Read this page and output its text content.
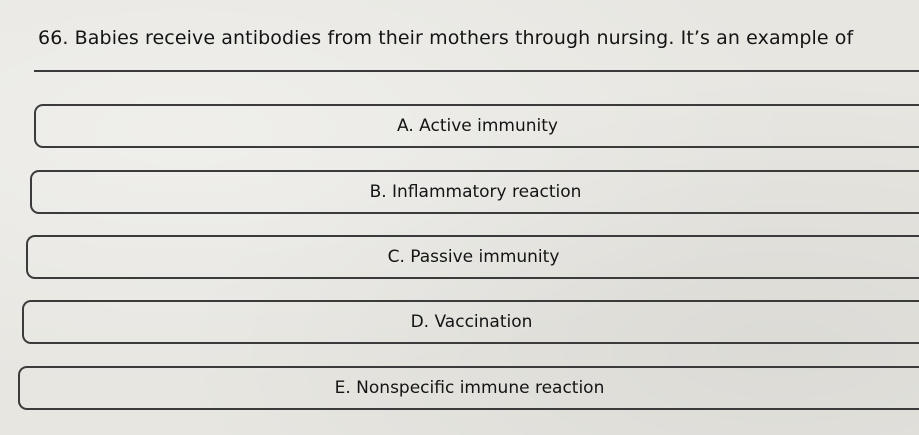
66. Babies receive antibodies from their mothers through nursing. It’s an example of
A. Active immunity
B. Inflammatory reaction
C. Passive immunity
D. Vaccination
E. Nonspecific immune reaction
